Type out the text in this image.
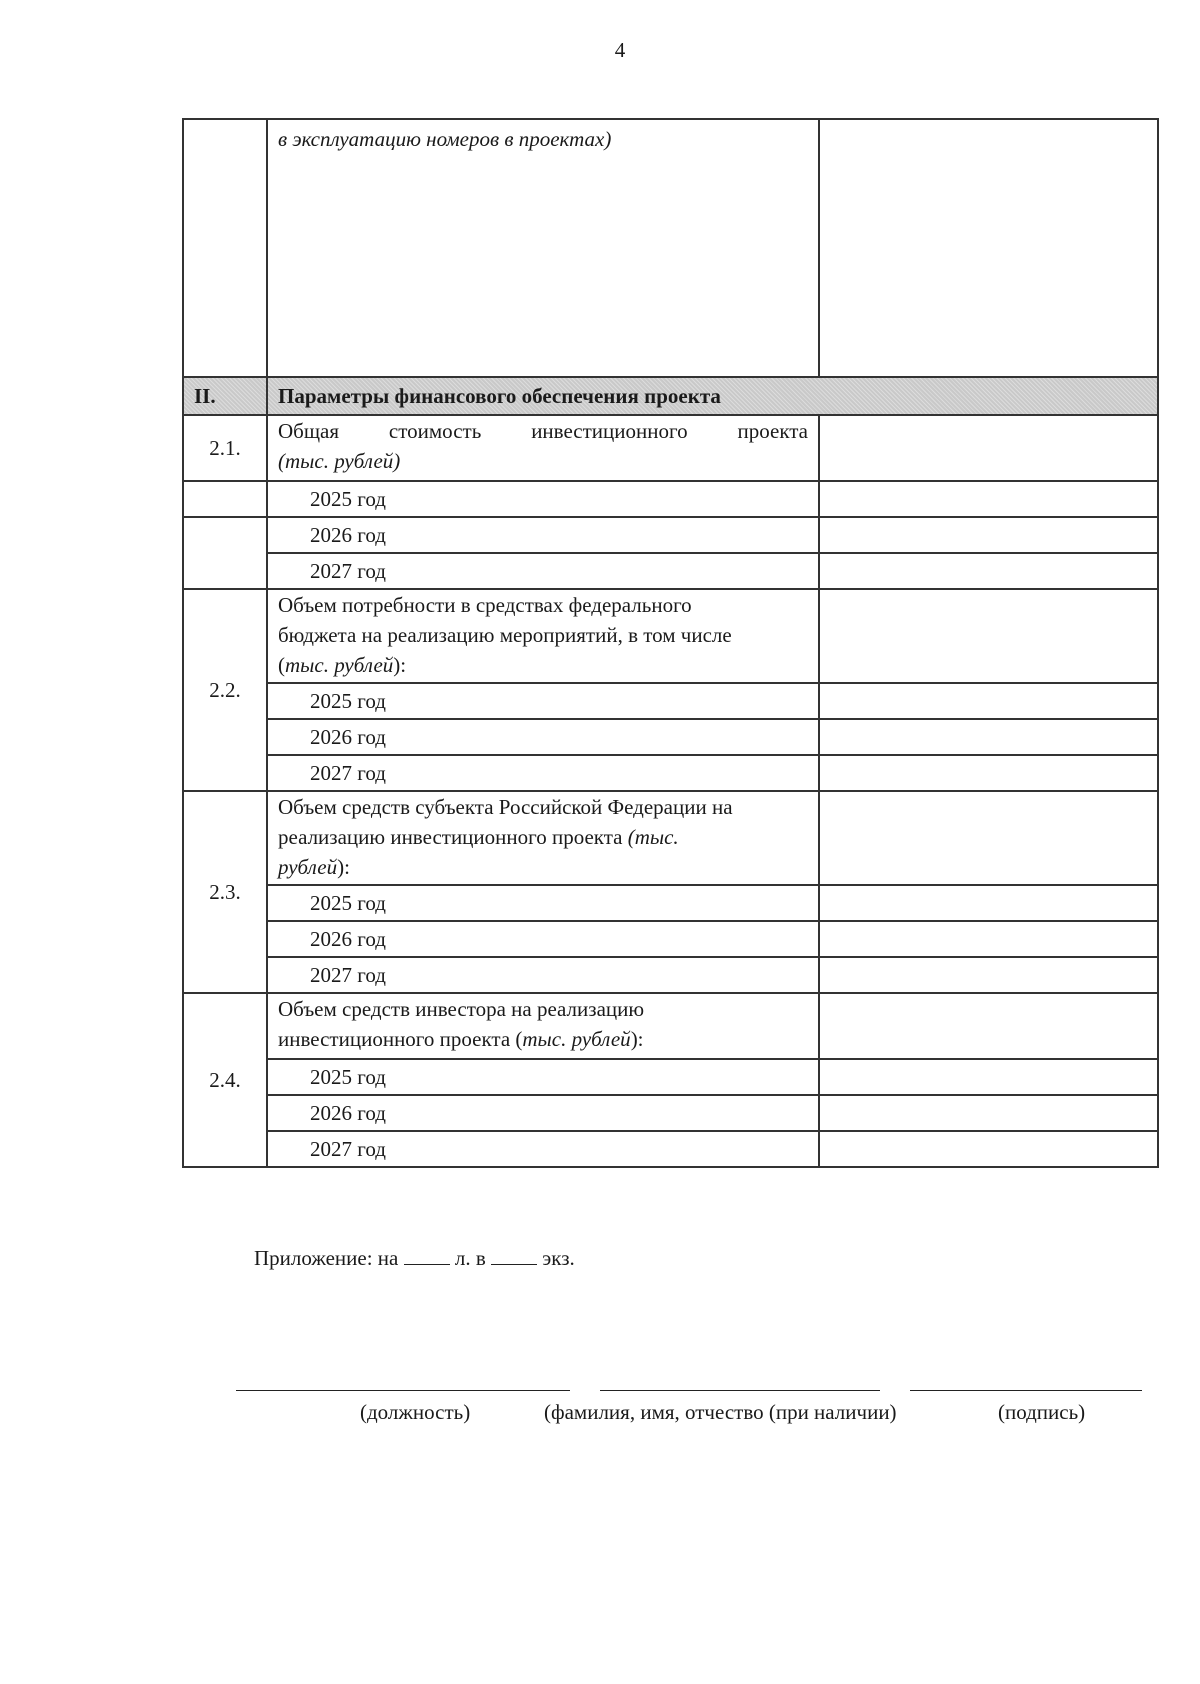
4
	в эксплуатацию номеров в проектах)	
II.	Параметры финансового обеспечения проекта	
2.1.	Общая стоимость инвестиционного проекта
(тыс. рублей)	

	2025 год	
	2026 год	
	2027 год	
2.2.	Объем потребности в средствах федерального
бюджета на реализацию мероприятий, в том числе
(тыс. рублей):	

	2025 год	
	2026 год	
	2027 год	
2.3.	Объем средств субъекта Российской Федерации на
реализацию инвестиционного проекта (тыс.
рублей):	

	2025 год	
	2026 год	
	2027 год	
2.4.	Объем средств инвестора на реализацию
инвестиционного проекта (тыс. рублей):	

	2025 год	
	2026 год	
	2027 год	
Приложение: на	л. в	экз.
(должность)	(фамилия, имя, отчество (при наличии)	(подпись)
